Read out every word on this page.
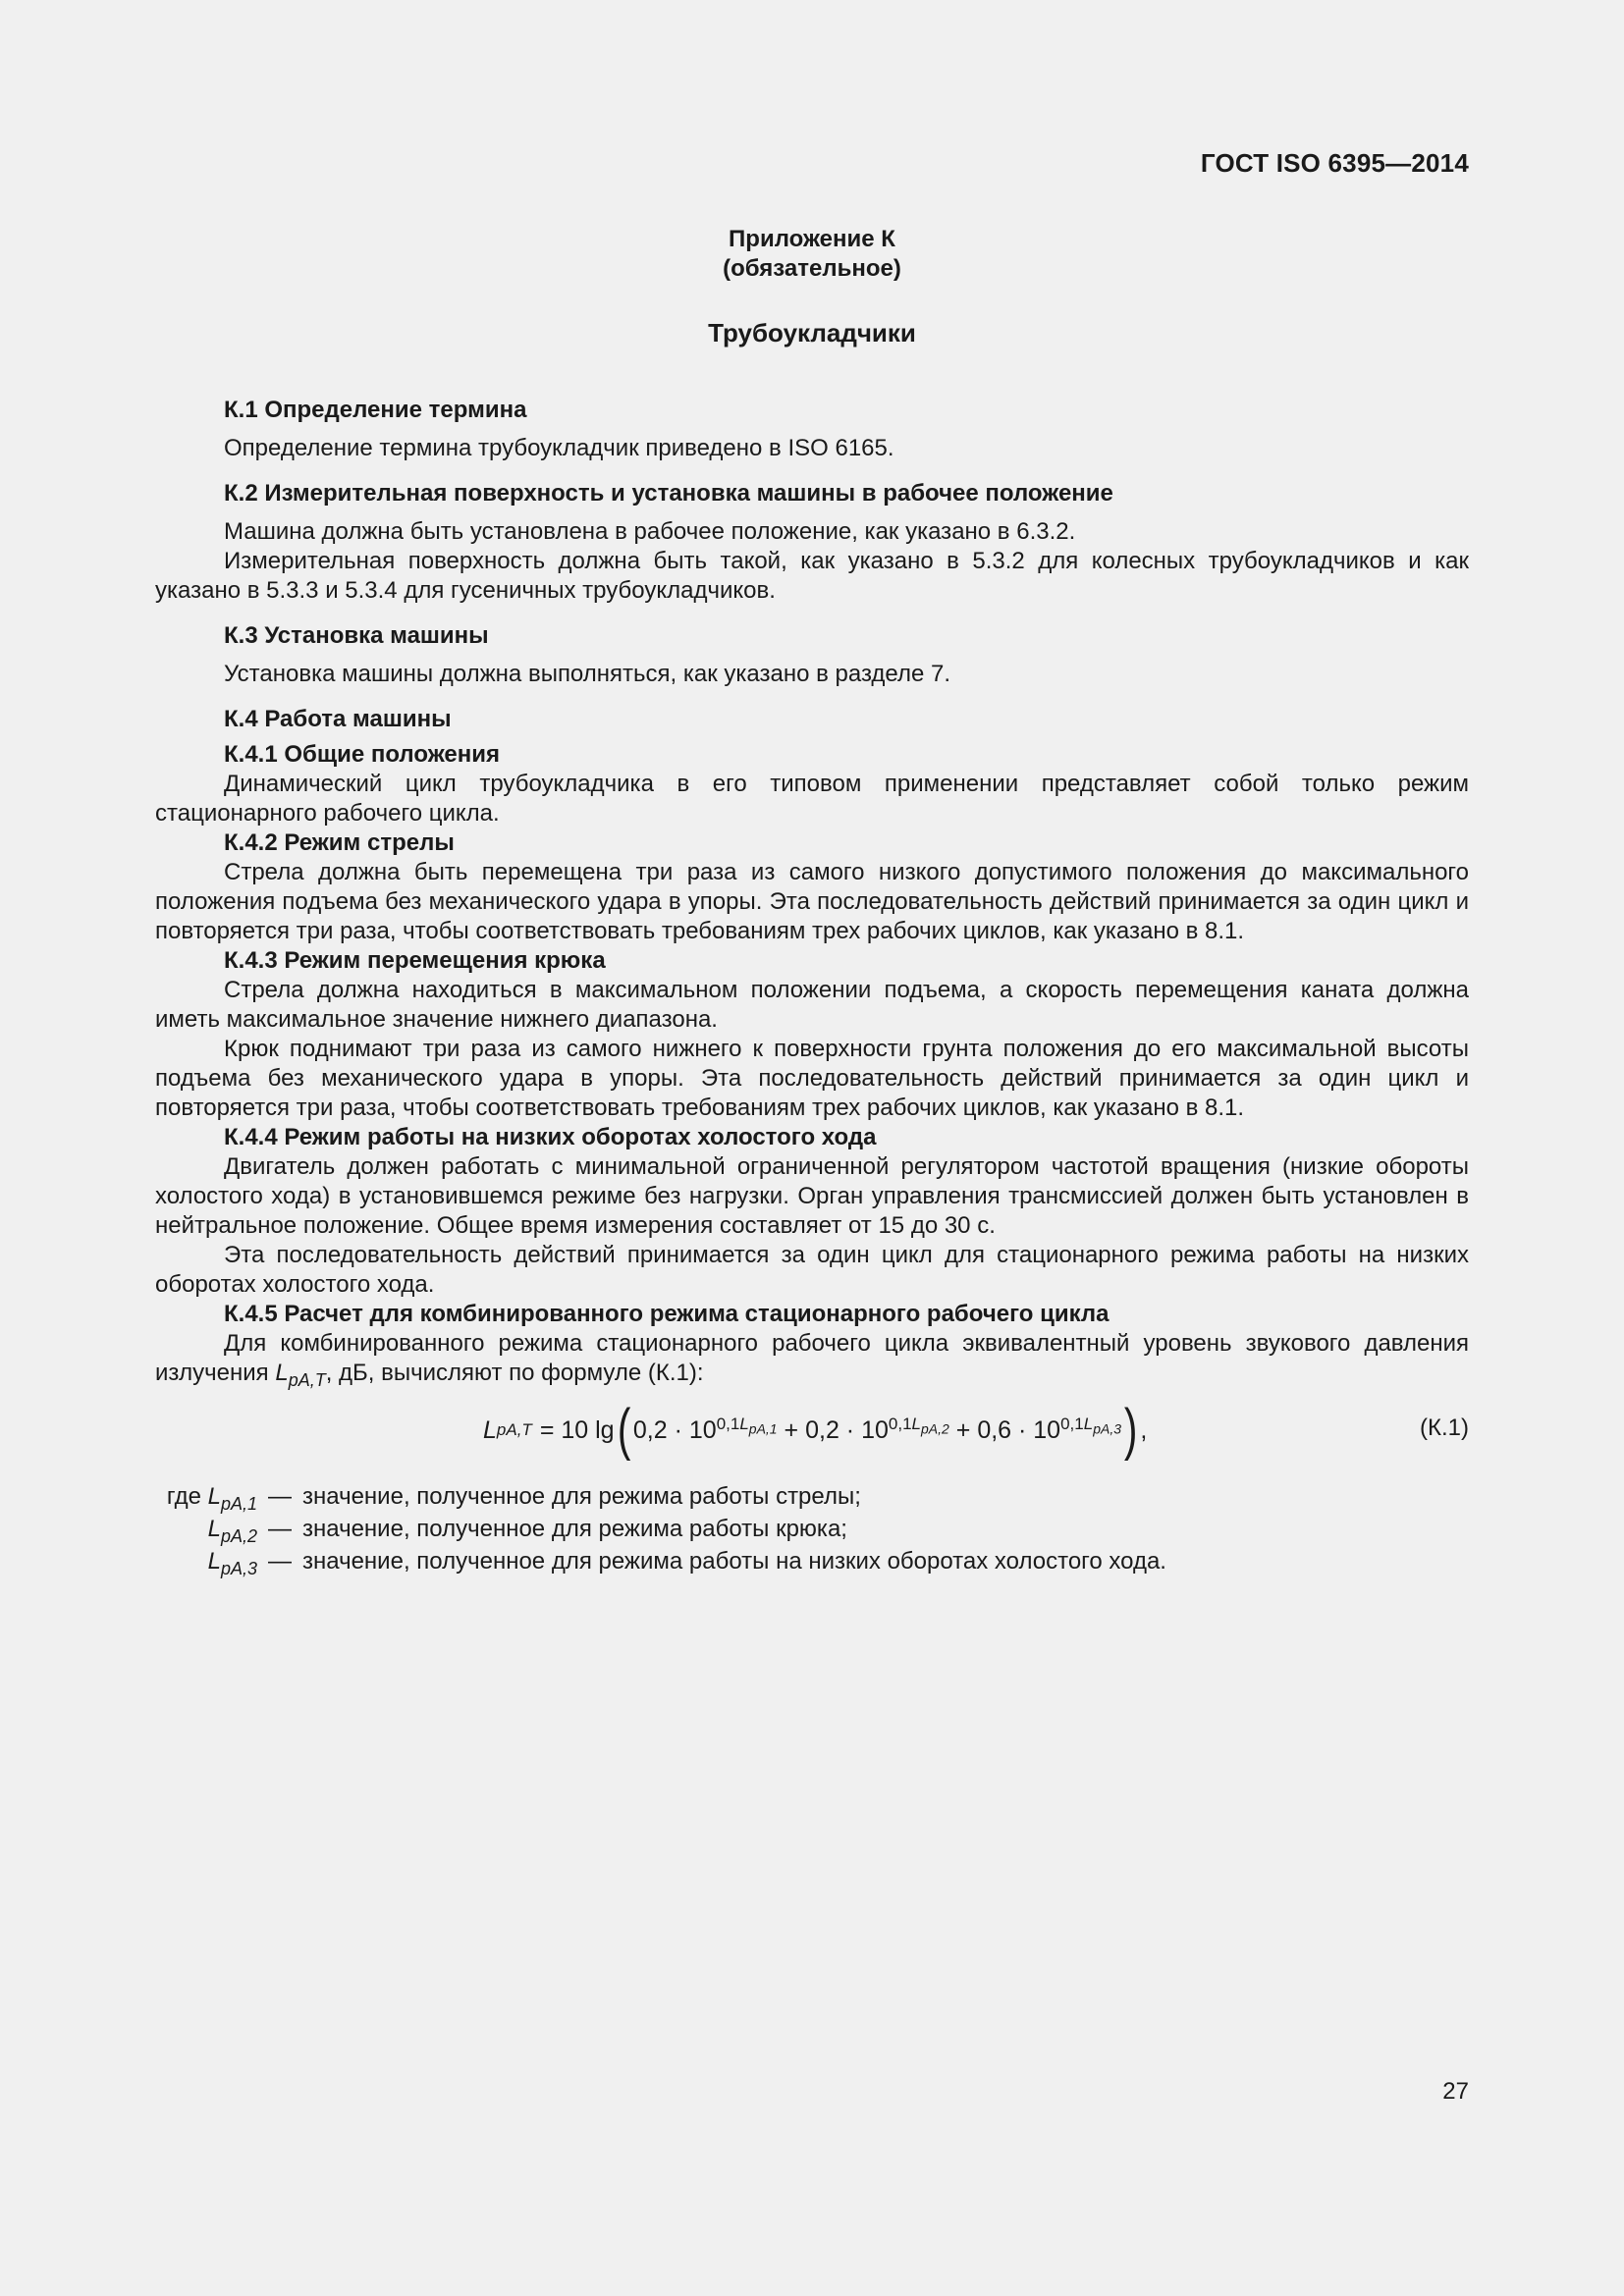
ГОСТ ISO 6395—2014
Приложение К
(обязательное)
Трубоукладчики

К.1 Определение термина

Определение термина трубоукладчик приведено в ISO 6165.

К.2 Измерительная поверхность и установка машины в рабочее положение

Машина должна быть установлена в рабочее положение, как указано в 6.3.2.

Измерительная поверхность должна быть такой, как указано в 5.3.2 для колесных трубоукладчиков и как указано в 5.3.3 и 5.3.4 для гусеничных трубоукладчиков.

К.3 Установка машины

Установка машины должна выполняться, как указано в разделе 7.

К.4 Работа машины

К.4.1 Общие положения

Динамический цикл трубоукладчика в его типовом применении представляет собой только режим стационарного рабочего цикла.

К.4.2 Режим стрелы

Стрела должна быть перемещена три раза из самого низкого допустимого положения до максимального положения подъема без механического удара в упоры. Эта последовательность действий принимается за один цикл и повторяется три раза, чтобы соответствовать требованиям трех рабочих циклов, как указано в 8.1.

К.4.3 Режим перемещения крюка

Стрела должна находиться в максимальном положении подъема, а скорость перемещения каната должна иметь максимальное значение нижнего диапазона.

Крюк поднимают три раза из самого нижнего к поверхности грунта положения до его максимальной высоты подъема без механического удара в упоры. Эта последовательность действий принимается за один цикл и повторяется три раза, чтобы соответствовать требованиям трех рабочих циклов, как указано в 8.1.

К.4.4 Режим работы на низких оборотах холостого хода

Двигатель должен работать с минимальной ограниченной регулятором частотой вращения (низкие обороты холостого хода) в установившемся режиме без нагрузки. Орган управления трансмиссией должен быть установлен в нейтральное положение. Общее время измерения составляет от 15 до 30 с.

Эта последовательность действий принимается за один цикл для стационарного режима работы на низких оборотах холостого хода.

К.4.5 Расчет для комбинированного режима стационарного рабочего цикла

Для комбинированного режима стационарного рабочего цикла эквивалентный уровень звукового давления излучения $L_{pA,T}$, дБ, вычисляют по формуле (К.1):

L pA,T = 10 lg ( 0,2 · 10 $^{0,1L_{pA,1}}$ + 0,2 · 10 $^{0,1L_{pA,2}}$ + 0,6 · 10 $^{0,1L_{pA,3}}$ ) ,	(К.1)
где $L_{pA,1}$ — значение, полученное для режима работы стрелы;
$L_{pA,2}$ — значение, полученное для режима работы крюка;
$L_{pA,3}$ — значение, полученное для режима работы на низких оборотах холостого хода.
27
